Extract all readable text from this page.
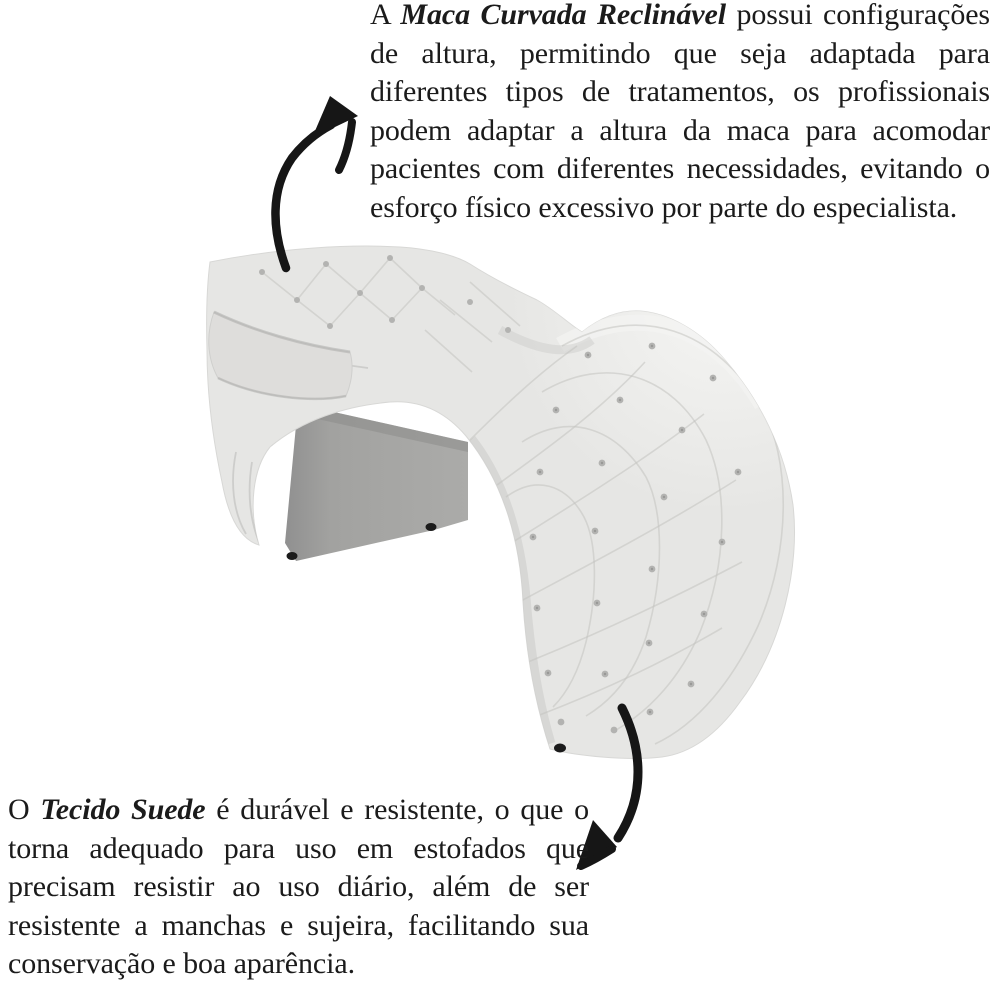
A Maca Curvada Reclinável possui configurações de altura, permitindo que seja adaptada para diferentes tipos de tratamentos, os profissionais podem adaptar a altura da maca para acomodar pacientes com diferentes necessidades, evitando o esforço físico excessivo por parte do especialista.

O Tecido Suede é durável e resistente, o que o torna adequado para uso em estofados que precisam resistir ao uso diário, além de ser resistente a manchas e sujeira, facilitando sua conservação e boa aparência.
